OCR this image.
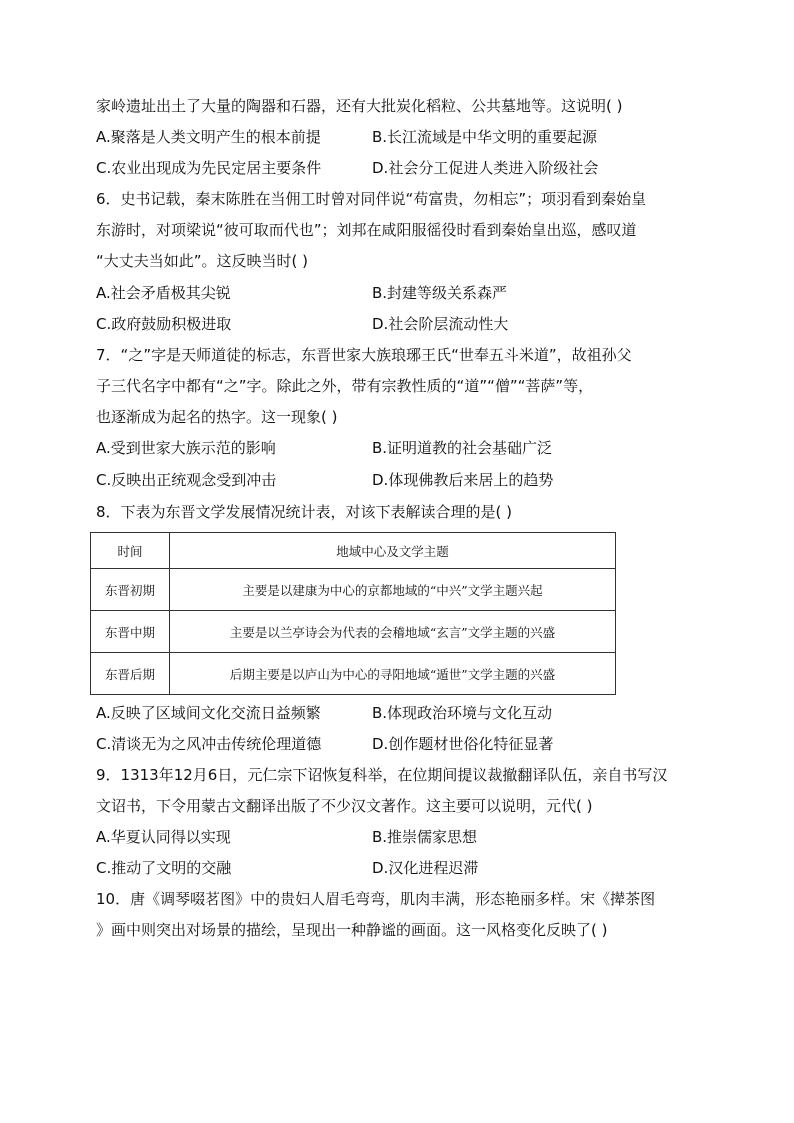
家岭遗址出土了大量的陶器和石器，还有大批炭化稻粒、公共墓地等。这说明( )
A.聚落是人类文明产生的根本前提	B.长江流域是中华文明的重要起源
C.农业出现成为先民定居主要条件	D.社会分工促进人类进入阶级社会
6．史书记载，秦末陈胜在当佣工时曾对同伴说“苟富贵，勿相忘”；项羽看到秦始皇
东游时，对项梁说“彼可取而代也”；刘邦在咸阳服徭役时看到秦始皇出巡，感叹道
“大丈夫当如此”。这反映当时( )
A.社会矛盾极其尖锐	B.封建等级关系森严
C.政府鼓励积极进取	D.社会阶层流动性大
7．“之”字是天师道徒的标志，东晋世家大族琅琊王氏“世奉五斗米道”，故祖孙父
子三代名字中都有“之”字。除此之外，带有宗教性质的“道”“僧”“菩萨”等，
也逐渐成为起名的热字。这一现象( )
A.受到世家大族示范的影响	B.证明道教的社会基础广泛
C.反映出正统观念受到冲击	D.体现佛教后来居上的趋势
8．下表为东晋文学发展情况统计表，对该下表解读合理的是( )
时间	地域中心及文学主题
东晋初期	主要是以建康为中心的京都地域的“中兴”文学主题兴起
东晋中期	主要是以兰亭诗会为代表的会稽地域“玄言”文学主题的兴盛
东晋后期	后期主要是以庐山为中心的寻阳地域“遁世”文学主题的兴盛
A.反映了区域间文化交流日益频繁	B.体现政治环境与文化互动
C.清谈无为之风冲击传统伦理道德	D.创作题材世俗化特征显著
9．1313年12月6日，元仁宗下诏恢复科举，在位期间提议裁撤翻译队伍，亲自书写汉
文诏书，下令用蒙古文翻译出版了不少汉文著作。这主要可以说明，元代( )
A.华夏认同得以实现	B.推崇儒家思想
C.推动了文明的交融	D.汉化进程迟滞
10．唐《调琴啜茗图》中的贵妇人眉毛弯弯，肌肉丰满，形态艳丽多样。宋《撵茶图
》画中则突出对场景的描绘，呈现出一种静谧的画面。这一风格变化反映了( )
